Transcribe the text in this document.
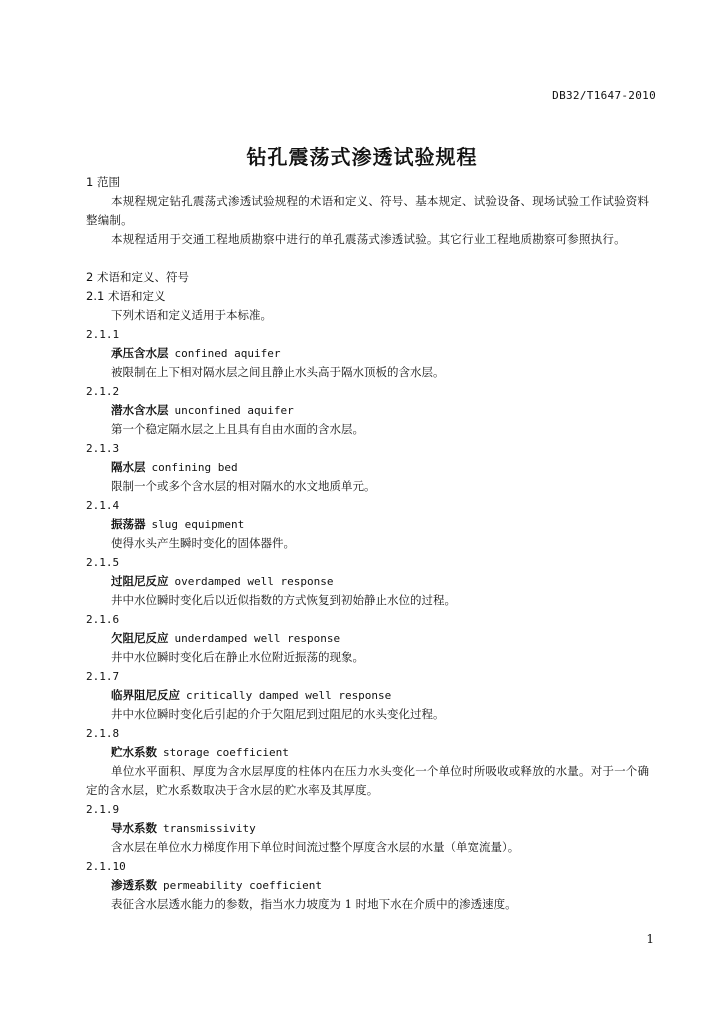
DB32/T1647-2010
钻孔震荡式渗透试验规程

1 范围

本规程规定钻孔震荡式渗透试验规程的术语和定义、符号、基本规定、试验设备、现场试验工作试验资料整编制。

本规程适用于交通工程地质勘察中进行的单孔震荡式渗透试验。其它行业工程地质勘察可参照执行。

2 术语和定义、符号

2.1 术语和定义

下列术语和定义适用于本标准。

2.1.1

承压含水层 confined aquifer

被限制在上下相对隔水层之间且静止水头高于隔水顶板的含水层。

2.1.2

潜水含水层 unconfined aquifer

第一个稳定隔水层之上且具有自由水面的含水层。

2.1.3

隔水层 confining bed

限制一个或多个含水层的相对隔水的水文地质单元。

2.1.4

振荡器 slug equipment

使得水头产生瞬时变化的固体器件。

2.1.5

过阻尼反应 overdamped well response

井中水位瞬时变化后以近似指数的方式恢复到初始静止水位的过程。

2.1.6

欠阻尼反应 underdamped well response

井中水位瞬时变化后在静止水位附近振荡的现象。

2.1.7

临界阻尼反应 critically damped well response

井中水位瞬时变化后引起的介于欠阻尼到过阻尼的水头变化过程。

2.1.8

贮水系数 storage coefficient

单位水平面积、厚度为含水层厚度的柱体内在压力水头变化一个单位时所吸收或释放的水量。对于一个确定的含水层，贮水系数取决于含水层的贮水率及其厚度。

2.1.9

导水系数 transmissivity

含水层在单位水力梯度作用下单位时间流过整个厚度含水层的水量（单宽流量）。

2.1.10

渗透系数 permeability coefficient

表征含水层透水能力的参数，指当水力坡度为 1 时地下水在介质中的渗透速度。

1
